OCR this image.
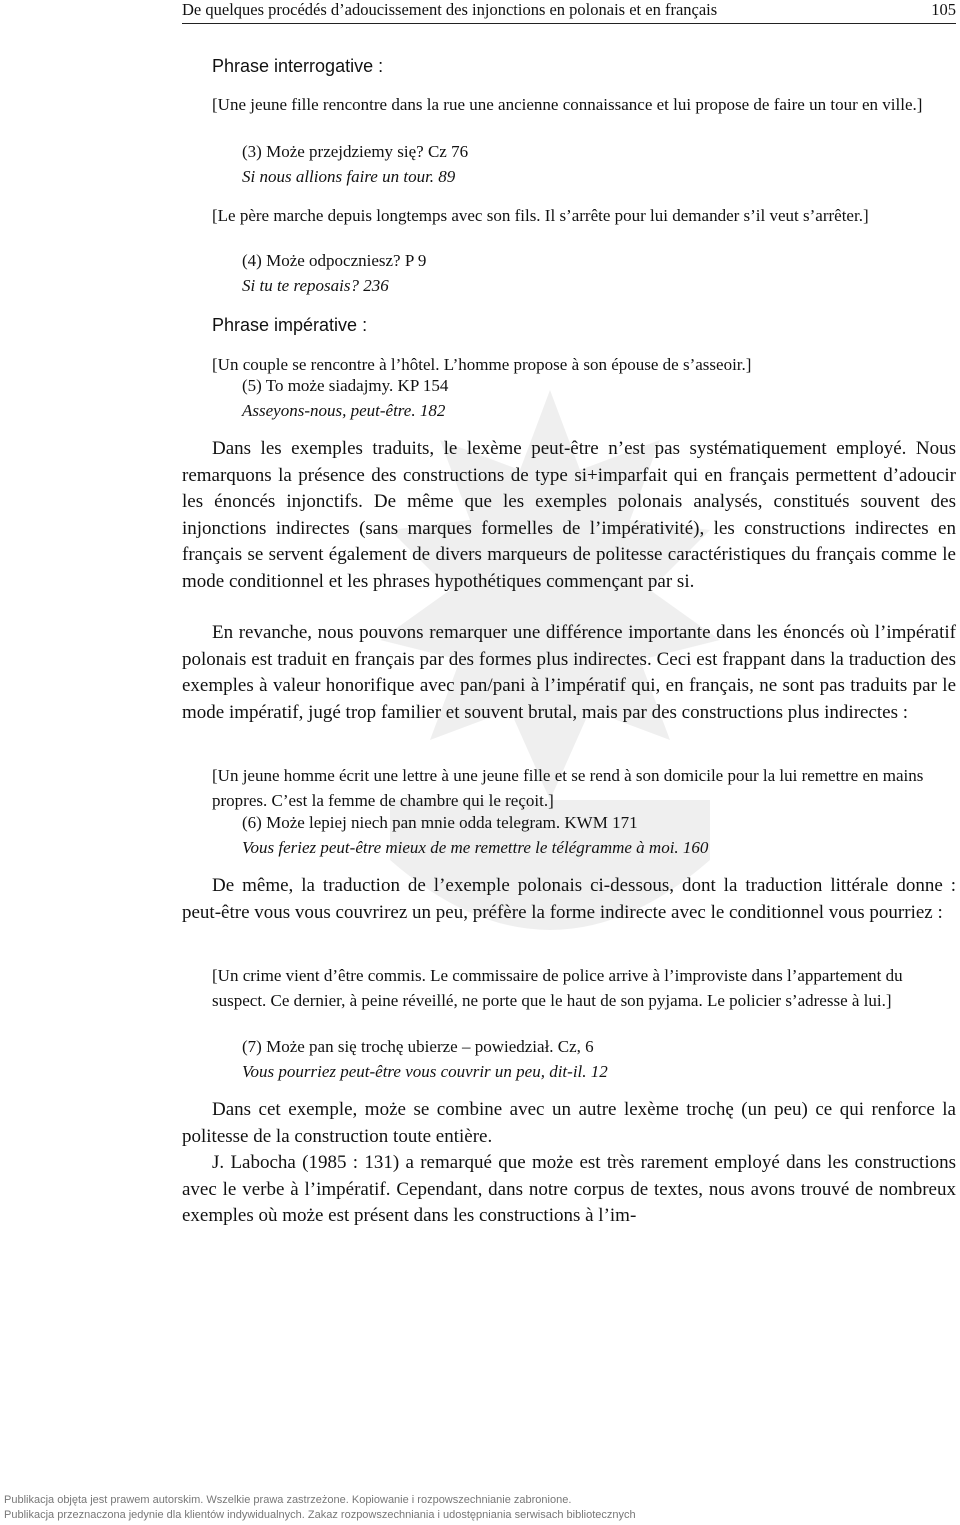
De quelques procédés d’adoucissement des injonctions en polonais et en français	105
Phrase interrogative :
[Une jeune fille rencontre dans la rue une ancienne connaissance et lui propose de faire un tour en ville.]
(3) Może przejdziemy się? Cz 76
Si nous allions faire un tour. 89
[Le père marche depuis longtemps avec son fils. Il s’arrête pour lui demander s’il veut s’arrêter.]
(4) Może odpoczniesz? P 9
Si tu te reposais? 236
Phrase impérative :
[Un couple se rencontre à l’hôtel. L’homme propose à son épouse de s’asseoir.]
(5) To może siadajmy. KP 154
Asseyons-nous, peut-être. 182
Dans les exemples traduits, le lexème peut-être n’est pas systématiquement employé. Nous remarquons la présence des constructions de type si+imparfait qui en français permettent d’adoucir les énoncés injonctifs. De même que les exemples polonais analysés, constitués souvent des injonctions indirectes (sans marques formelles de l’impérativité), les constructions indirectes en français se servent également de divers marqueurs de politesse caractéristiques du français comme le mode conditionnel et les phrases hypothétiques commençant par si.
En revanche, nous pouvons remarquer une différence importante dans les énoncés où l’impératif polonais est traduit en français par des formes plus indirectes. Ceci est frappant dans la traduction des exemples à valeur honorifique avec pan/pani à l’impératif qui, en français, ne sont pas traduits par le mode impératif, jugé trop familier et souvent brutal, mais par des constructions plus indirectes :
[Un jeune homme écrit une lettre à une jeune fille et se rend à son domicile pour la lui remettre en mains propres. C’est la femme de chambre qui le reçoit.]
(6) Może lepiej niech pan mnie odda telegram. KWM 171
Vous feriez peut-être mieux de me remettre le télégramme à moi. 160
De même, la traduction de l’exemple polonais ci-dessous, dont la traduction littérale donne : peut-être vous vous couvrirez un peu, préfère la forme indirecte avec le conditionnel vous pourriez :
[Un crime vient d’être commis. Le commissaire de police arrive à l’improviste dans l’appartement du suspect. Ce dernier, à peine réveillé, ne porte que le haut de son pyjama. Le policier s’adresse à lui.]
(7) Może pan się trochę ubierze – powiedział. Cz, 6
Vous pourriez peut-être vous couvrir un peu, dit-il. 12
Dans cet exemple, może se combine avec un autre lexème trochę (un peu) ce qui renforce la politesse de la construction toute entière.
J. Labocha (1985 : 131) a remarqué que może est très rarement employé dans les constructions avec le verbe à l’impératif. Cependant, dans notre corpus de textes, nous avons trouvé de nombreux exemples où może est présent dans les constructions à l’im-
Publikacja objęta jest prawem autorskim. Wszelkie prawa zastrzeżone. Kopiowanie i rozpowszechnianie zabronione.
Publikacja przeznaczona jedynie dla klientów indywidualnych. Zakaz rozpowszechniania i udostępniania serwisach bibliotecznych
